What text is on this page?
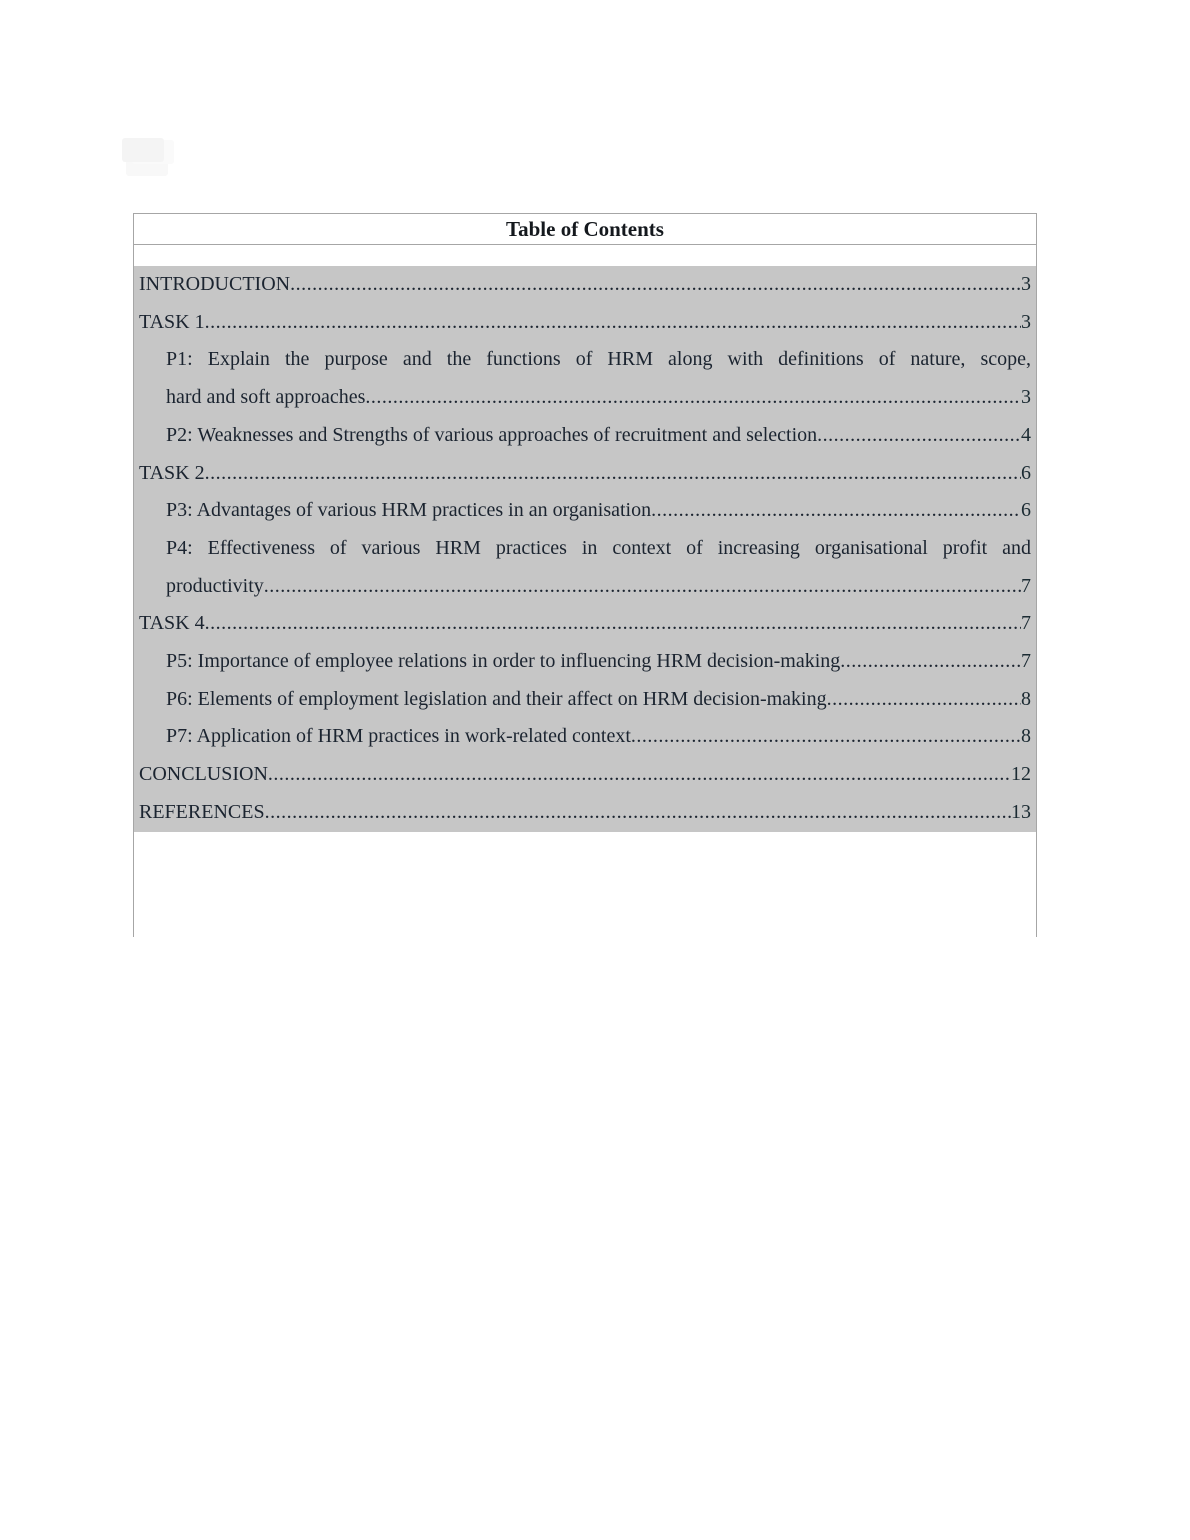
Table of Contents
INTRODUCTION .....	3
TASK 1 .....	3
P1: Explain the purpose and the functions of HRM along with definitions of nature, scope,
hard and soft approaches .....	3
P2: Weaknesses and Strengths of various approaches of recruitment and selection .....	4
TASK 2 .....	6
P3: Advantages of various HRM practices in an organisation .....	6
P4: Effectiveness of various HRM practices in context of increasing organisational profit and
productivity .....	7
TASK 4 .....	7
P5: Importance of employee relations in order to influencing HRM decision-making .....	7
P6: Elements of employment legislation and their affect on HRM decision-making .....	8
P7: Application of HRM practices in work-related context .....	8
CONCLUSION .....	12
REFERENCES .....	13
